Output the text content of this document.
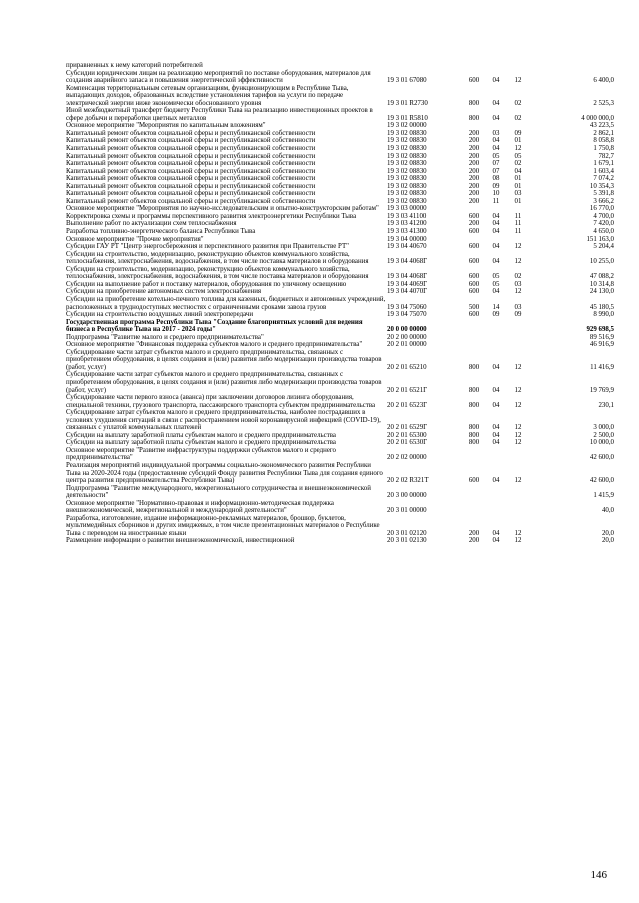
приравненных к нему категорий потребителей
Субсидии юридическим лицам на реализацию мероприятий по поставке оборудования, материалов для создания аварийного запаса и повышения энергетической эффективности	19 3 01 67080	600	04	12	6 400,0
Компенсация территориальным сетевым организациям, функционирующим в Республике Тыва, выпадающих доходов, образованных вследствие установления тарифов на услуги по передаче электрической энергии ниже экономически обоснованного уровня	19 3 01 R2730	800	04	02	2 525,3
Иной межбюджетный трансферт бюджету Республики Тыва на реализацию инвестиционных проектов в сфере добычи и переработки цветных металлов	19 3 01 R5810	800	04	02	4 000 000,0
Основное мероприятие "Мероприятия по капитальным вложениям"	19 3 02 00000	43 223,5
Капитальный ремонт объектов социальной сферы и республиканской собственности	19 3 02 08830	200	03	09	2 862,1
Капитальный ремонт объектов социальной сферы и республиканской собственности	19 3 02 08830	200	04	01	8 058,8
Капитальный ремонт объектов социальной сферы и республиканской собственности	19 3 02 08830	200	04	12	1 750,8
Капитальный ремонт объектов социальной сферы и республиканской собственности	19 3 02 08830	200	05	05	782,7
Капитальный ремонт объектов социальной сферы и республиканской собственности	19 3 02 08830	200	07	02	1 679,1
Капитальный ремонт объектов социальной сферы и республиканской собственности	19 3 02 08830	200	07	04	1 603,4
Капитальный ремонт объектов социальной сферы и республиканской собственности	19 3 02 08830	200	08	01	7 074,2
Капитальный ремонт объектов социальной сферы и республиканской собственности	19 3 02 08830	200	09	01	10 354,3
Капитальный ремонт объектов социальной сферы и республиканской собственности	19 3 02 08830	200	10	03	5 391,8
Капитальный ремонт объектов социальной сферы и республиканской собственности	19 3 02 08830	200	11	01	3 666,2
Основное мероприятие "Мероприятия по научно-исследовательским и опытно-конструкторским работам"	19 3 03 00000	16 770,0
Корректировка схемы и программы перспективного развития электроэнергетики Республики Тыва	19 3 03 41100	600	04	11	4 700,0
Выполнение работ по актуализации схем теплоснабжения	19 3 03 41200	200	04	11	7 420,0
Разработка топливно-энергетического баланса Республики Тыва	19 3 03 41300	600	04	11	4 650,0
Основное мероприятие "Прочие мероприятия"	19 3 04 00000	151 163,0
Субсидии ГАУ РТ "Центр энергосбережения и перспективного развития при Правительстве РТ"	19 3 04 40670	600	04	12	5 204,4
Субсидии на строительство, модернизацию, реконструкцию объектов коммунального хозяйства, теплоснабжения, электроснабжения, водоснабжения, в том числе поставка материалов и оборудования	19 3 04 4068Г	600	04	12	10 255,0
Субсидии на строительство, модернизацию, реконструкцию объектов коммунального хозяйства, теплоснабжения, электроснабжения, водоснабжения, в том числе поставка материалов и оборудования	19 3 04 4068Г	600	05	02	47 088,2
Субсидии на выполнение работ и поставку материалов, оборудования по уличному освещению	19 3 04 4069Г	600	05	03	10 314,8
Субсидии на приобретение автономных систем электроснабжения	19 3 04 4070Г	600	04	12	24 130,0
Субсидии на приобретение котельно-печного топлива для казенных, бюджетных и автономных учреждений, расположенных в труднодоступных местностях с ограниченными сроками завоза грузов	19 3 04 75060	500	14	03	45 180,5
Субсидии на строительство воздушных линий электропередачи	19 3 04 75070	600	09	09	8 990,0
Государственная программа Республики Тыва "Создание благоприятных условий для ведения бизнеса в Республике Тыва на 2017 - 2024 годы"	20 0 00 00000	929 698,5
Подпрограмма "Развитие малого и среднего предпринимательства"	20 2 00 00000	89 516,9
Основное мероприятие "Финансовая поддержка субъектов малого и среднего предпринимательства"	20 2 01 00000	46 916,9
Субсидирование части затрат субъектов малого и среднего предпринимательства, связанных с приобретением оборудования, в целях создания и (или) развития либо модернизации производства товаров (работ, услуг)	20 2 01 65210	800	04	12	11 416,9
Субсидирование части затрат субъектов малого и среднего предпринимательства, связанных с приобретением оборудования, в целях создания и (или) развития либо модернизации производства товаров (работ, услуг)	20 2 01 6521Г	800	04	12	19 769,9
Субсидирование части первого взноса (аванса) при заключении договоров лизинга оборудования, специальной техники, грузового транспорта, пассажирского транспорта субъектом предпринимательства	20 2 01 6523Г	800	04	12	230,1
Субсидирование затрат субъектов малого и среднего предпринимательства, наиболее пострадавших в условиях ухудшения ситуаций в связи с распространением новой коронавирусной инфекцией (COVID-19), связанных с уплатой коммунальных платежей	20 2 01 6529Г	800	04	12	3 000,0
Субсидии на выплату заработной платы субъектам малого и среднего предпринимательства	20 2 01 65300	800	04	12	2 500,0
Субсидии на выплату заработной платы субъектам малого и среднего предпринимательства	20 2 01 6530Г	800	04	12	10 000,0
Основное мероприятие "Развитие инфраструктуры поддержки субъектов малого и среднего предпринимательства"	20 2 02 00000	42 600,0
Реализация мероприятий индивидуальной программы социально-экономического развития Республики Тыва на 2020-2024 годы (предоставление субсидий Фонду развития Республики Тыва для создания единого центра развития предпринимательства Республики Тыва)	20 2 02 R321Т	600	04	12	42 600,0
Подпрограмма "Развитие международного, межрегионального сотрудничества и внешнеэкономической деятельности"	20 3 00 00000	1 415,9
Основное мероприятие "Нормативно-правовая и информационно-методическая поддержка внешнеэкономической, межрегиональной и международной деятельности"	20 3 01 00000	40,0
Разработка, изготовление, издание информационно-рекламных материалов, брошюр, буклетов, мультимедийных сборников и других имиджевых, в том числе презентационных материалов о Республике Тыва с переводом на иностранные языки	20 3 01 02120	200	04	12	20,0
Размещение информации о развитии внешнеэкономической, инвестиционной	20 3 01 02130	200	04	12	20,0
146
